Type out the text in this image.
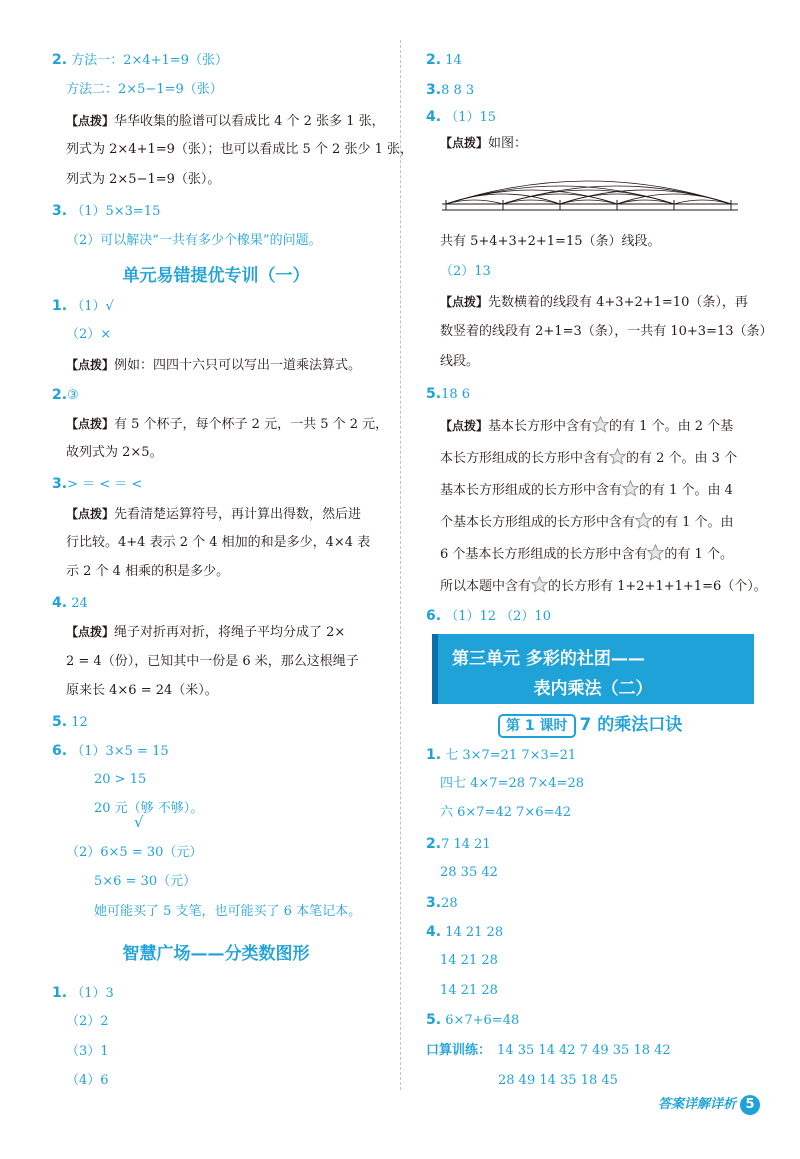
2. 方法一：2×4+1=9（张）
方法二：2×5−1=9（张）
【点拨】华华收集的脸谱可以看成比 4 个 2 张多 1 张，
列式为 2×4+1=9（张）；也可以看成比 5 个 2 张少 1 张，
列式为 2×5−1=9（张）。
3. （1）5×3=15
（2）可以解决“一共有多少个橡果”的问题。
单元易错提优专训（一）
1. （1）√
（2）×
【点拨】例如：四四十六只可以写出一道乘法算式。
2.③
【点拨】有 5 个杯子，每个杯子 2 元，一共 5 个 2 元，
故列式为 2×5。
3.> ＝ < ＝ <
【点拨】先看清楚运算符号，再计算出得数，然后进
行比较。4+4 表示 2 个 4 相加的和是多少，4×4 表
示 2 个 4 相乘的积是多少。
4. 24
【点拨】绳子对折再对折，将绳子平均分成了 2×
2 = 4（份），已知其中一份是 6 米，那么这根绳子
原来长 4×6 = 24（米）。
5. 12
6. （1）3×5 = 15
20 > 15
20 元（够 不够）。
√
（2）6×5 = 30（元）
5×6 = 30（元）
她可能买了 5 支笔，也可能买了 6 本笔记本。
智慧广场——分类数图形
1. （1）3
（2）2
（3）1
（4）6
2. 14
3.8 8 3
4. （1）15
【点拨】如图：
共有 5+4+3+2+1=15（条）线段。
（2）13
【点拨】先数横着的线段有 4+3+2+1=10（条），再
数竖着的线段有 2+1=3（条），一共有 10+3=13（条）
线段。
5.18 6
【点拨】基本长方形中含有 的有 1 个。由 2 个基
本长方形组成的长方形中含有 的有 2 个。由 3 个
基本长方形组成的长方形中含有 的有 1 个。由 4
个基本长方形组成的长方形中含有 的有 1 个。由
6 个基本长方形组成的长方形中含有 的有 1 个。
所以本题中含有 的长方形有 1+2+1+1+1=6（个）。
6. （1）12 （2）10
第三单元 多彩的社团——
表内乘法（二）
第 1 课时 7 的乘法口诀
1. 七 3×7=21 7×3=21
四七 4×7=28 7×4=28
六 6×7=42 7×6=42
2.7 14 21
28 35 42
3.28
4. 14 21 28
14 21 28
14 21 28
5. 6×7+6=48
口算训练： 14 35 14 42 7 49 35 18 42
28 49 14 35 18 45
答案详解详析 5
